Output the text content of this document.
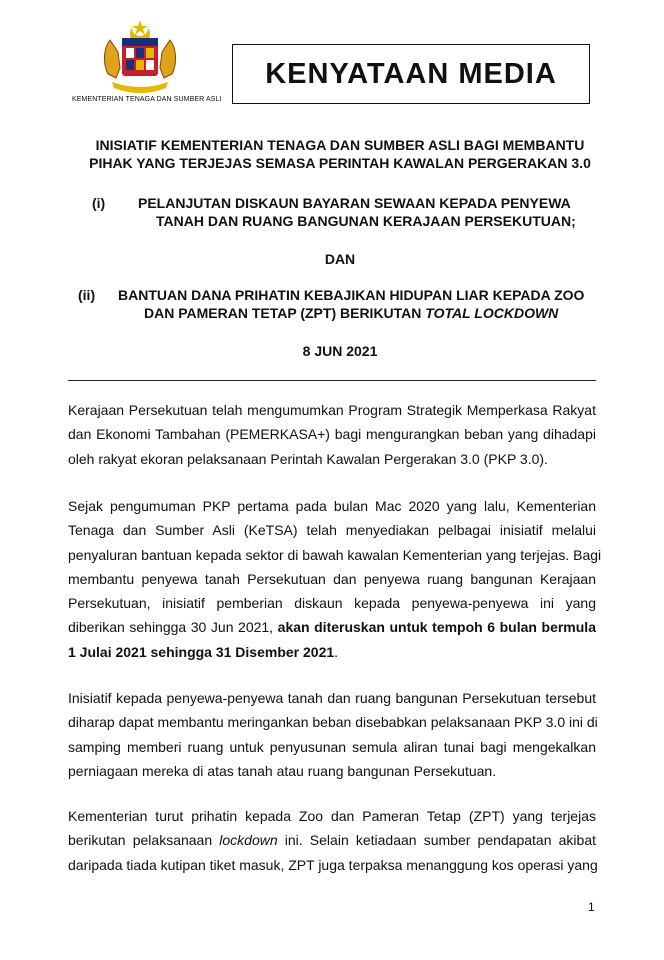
KEMENTERIAN TENAGA DAN SUMBER ASLI
KENYATAAN MEDIA
INISIATIF KEMENTERIAN TENAGA DAN SUMBER ASLI BAGI MEMBANTU
PIHAK YANG TERJEJAS SEMASA PERINTAH KAWALAN PERGERAKAN 3.0
(i) PELANJUTAN DISKAUN BAYARAN SEWAAN KEPADA PENYEWA
TANAH DAN RUANG BANGUNAN KERAJAAN PERSEKUTUAN;
DAN
(ii) BANTUAN DANA PRIHATIN KEBAJIKAN HIDUPAN LIAR KEPADA ZOO
DAN PAMERAN TETAP (ZPT) BERIKUTAN TOTAL LOCKDOWN
8 JUN 2021

Kerajaan Persekutuan telah mengumumkan Program Strategik Memperkasa Rakyat
dan Ekonomi Tambahan (PEMERKASA+) bagi mengurangkan beban yang dihadapi
oleh rakyat ekoran pelaksanaan Perintah Kawalan Pergerakan 3.0 (PKP 3.0).

Sejak pengumuman PKP pertama pada bulan Mac 2020 yang lalu, Kementerian
Tenaga dan Sumber Asli (KeTSA) telah menyediakan pelbagai inisiatif melalui
penyaluran bantuan kepada sektor di bawah kawalan Kementerian yang terjejas. Bagi
membantu penyewa tanah Persekutuan dan penyewa ruang bangunan Kerajaan
Persekutuan, inisiatif pemberian diskaun kepada penyewa-penyewa ini yang
diberikan sehingga 30 Jun 2021, akan diteruskan untuk tempoh 6 bulan bermula
1 Julai 2021 sehingga 31 Disember 2021.

Inisiatif kepada penyewa-penyewa tanah dan ruang bangunan Persekutuan tersebut
diharap dapat membantu meringankan beban disebabkan pelaksanaan PKP 3.0 ini di
samping memberi ruang untuk penyusunan semula aliran tunai bagi mengekalkan
perniagaan mereka di atas tanah atau ruang bangunan Persekutuan.

Kementerian turut prihatin kepada Zoo dan Pameran Tetap (ZPT) yang terjejas
berikutan pelaksanaan lockdown ini. Selain ketiadaan sumber pendapatan akibat
daripada tiada kutipan tiket masuk, ZPT juga terpaksa menanggung kos operasi yang

1
